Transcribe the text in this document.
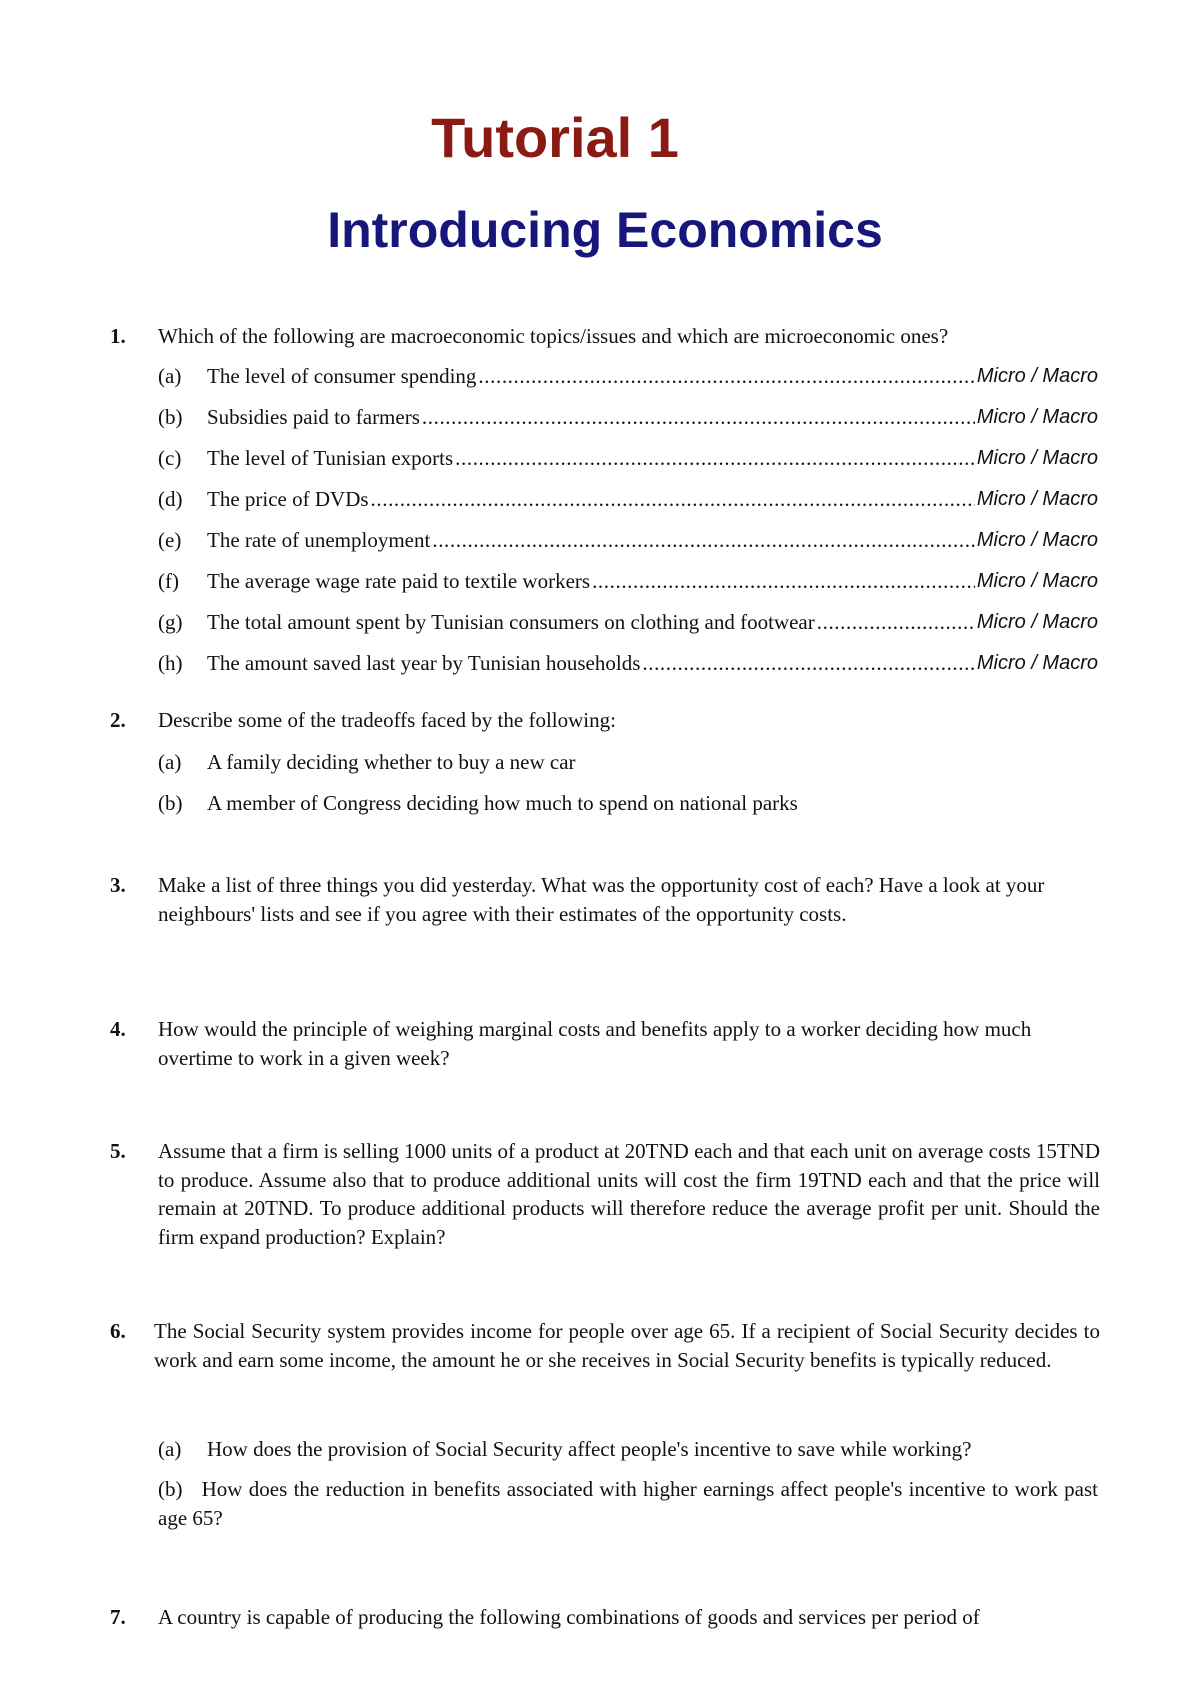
Tutorial 1
Introducing Economics
1. Which of the following are macroeconomic topics/issues and which are microeconomic ones?
(a) The level of consumer spending .....	Micro / Macro
(b) Subsidies paid to farmers .....	Micro / Macro
(c) The level of Tunisian exports .....	Micro / Macro
(d) The price of DVDs .....	Micro / Macro
(e) The rate of unemployment .....	Micro / Macro
(f) The average wage rate paid to textile workers .....	Micro / Macro
(g) The total amount spent by Tunisian consumers on clothing and footwear .....	Micro / Macro
(h) The amount saved last year by Tunisian households .....	Micro / Macro
2. Describe some of the tradeoffs faced by the following:
(a) A family deciding whether to buy a new car
(b) A member of Congress deciding how much to spend on national parks
3. Make a list of three things you did yesterday. What was the opportunity cost of each? Have a look at your neighbours' lists and see if you agree with their estimates of the opportunity costs.
4. How would the principle of weighing marginal costs and benefits apply to a worker deciding how much overtime to work in a given week?
5. Assume that a firm is selling 1000 units of a product at 20TND each and that each unit on average costs 15TND to produce. Assume also that to produce additional units will cost the firm 19TND each and that the price will remain at 20TND. To produce additional products will therefore reduce the average profit per unit. Should the firm expand production? Explain?
6. The Social Security system provides income for people over age 65. If a recipient of Social Security decides to work and earn some income, the amount he or she receives in Social Security benefits is typically reduced.
(a) How does the provision of Social Security affect people's incentive to save while working?
(b) How does the reduction in benefits associated with higher earnings affect people's incentive to work past age 65?
7. A country is capable of producing the following combinations of goods and services per period of
